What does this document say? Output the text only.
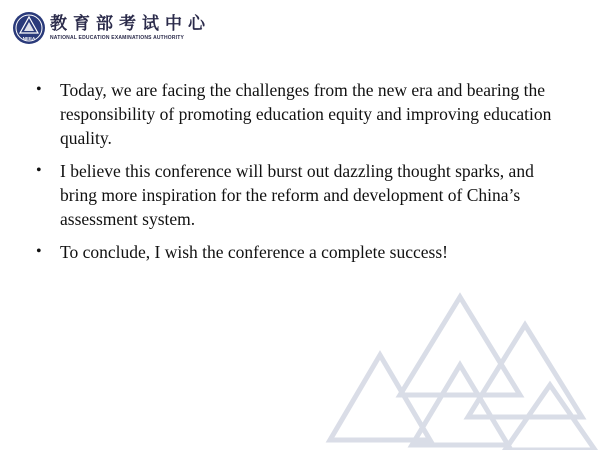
NEEA
教育部考试中心
NATIONAL EDUCATION EXAMINATIONS AUTHORITY
• Today, we are facing the challenges from the new era and bearing the responsibility of promoting education equity and improving education quality.
• I believe this conference will burst out dazzling thought sparks, and bring more inspiration for the reform and development of China’s assessment system.
• To conclude, I wish the conference a complete success!
